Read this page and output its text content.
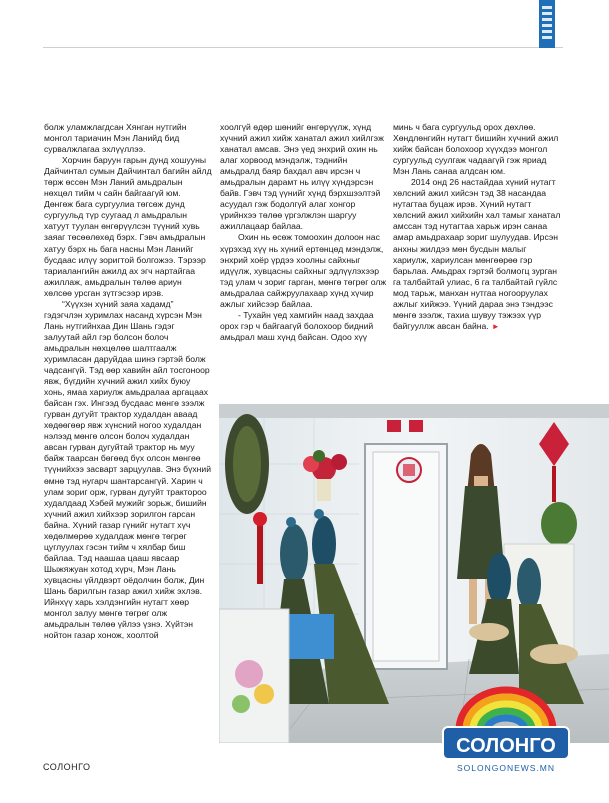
болж уламжлагдсан Хянган нутгийн монгол тариачин Мэн Ланийд бид сурвалжлагаа эхлүүллээ.

Хорчин баруун гарын дунд хошууны Дайчинтал сумын Дайчинтал багийн айлд төрж өссөн Мэн Ланий амьдралын нөхцөл тийм ч сайн байгаагүй юм. Дөнгөж бага сургуулиа төгсөж дунд сургуульд түр суугаад л амьдралын хатуут туулан өнгөрүүлсэн түүний хувь заяаг төсөөлөхөд бэрх. Гэвч амьдралын хатуу бэрх нь бага насны Мэн Ланийг бусдаас илүү зоригтой болгожээ. Тэрээр тариалангийн ажилд ах эгч нартайгаа ажиллаж, амьдралын төлөө ариун хөлсөө урсган зүтгэсээр ирэв.

“Хүүхэн хүний заяа хадамд” гэдэгчлэн хуримлах насанд хүрсэн Мэн Лань нутгийнхаа Дин Шань гэдэг залуутай айл гэр болсон болоч амьдралын нөхцөлөө шалтгаалж хуримласан даруйдаа шинэ гэртэй болж чадсангүй. Тэд өөр хавийн айл тосгоноор явж, бүгдийн хүчний ажил хийх буюу хонь, ямаа хариулж амьдралаа аргацаах байсан гэх. Ингээд бусдаас мөнгө зээлж гурван дугуйт трактор худалдан аваад хөдөөгөөр явж хүнсний ногоо худалдан нэлээд мөнгө олсон болоч худалдан авсан гурван дугуйтай трактор нь муу байж таарсан бөгөөд бүх олсон мөнгөө түүнийхээ засварт зарцуулав. Энэ бүхний өмнө тэд нугарч шантарсангүй. Харин ч улам зориг орж, гурван дугуйт трактороо худалдаад Хэбей мужийг зорьж, бишийн хүчний ажил хийхээр зорилгон гарсан байна. Хүний газар гүнийг нутагт хүч хөдөлмөрөө худалдаж мөнгө төгрөг цуглуулах гэсэн тийм ч хялбар биш байлаа. Тэд наашаа цааш явсаар Шыжяжуан хотод хүрч, Мэн Лань хувцасны үйлдвэрт оёдолчин болж, Дин Шань барилгын газар ажил хийж эхлэв. Ийнхүү харь хэлдэнгийн нутагт хөөр монгол залуу мөнгө төгрөг олж амьдралын төлөө үйлээ үзнэ. Хүйтэн нойтон газар хонож, хоолтой

хоолгүй өдөр шөнийг өнгөрүүлж, хүнд хүчний ажил хийж ханатал ажил хийлгэж ханатал амсав. Энэ үед энхрий охин нь алаг хорвоод мэндэлж, тэднийн амьдралд баяр бахдал авч ирсэн ч амьдралын дарамт нь илүү хүндэрсэн байв. Гэвч тэд үүнийг хүнд бэрхшээлтэй асуудал гэж бодолгүй алаг хонгор үрийнхээ төлөө үргэлжлэн шаргуу ажиллацаар байлаа.

Охин нь өсөж томоохин долоон нас хүрэхэд хүү нь хүний ертөнцөд мэндэлж, энхрий хоёр үрдээ хоолны сайхныг идүүлж, хувцасны сайхныг эдлүүлэхээр тэд улам ч зориг гарган, мөнгө төгрөг олж амьдралаа сайжруулахаар хүнд хүчир ажлыг хийсээр байлаа.

- Тухайн үед хамгийн наад захдаа орох гэр ч байгаагүй болохоор бидний амьдрал маш хүнд байсан. Одоо хүү

минь ч бага сургуульд орох дөхлөө. Хөндлөнгийн нутагт бишийн хүчний ажил хийж байсан болохоор хүүхдээ монгол сургуульд суулгаж чадаагүй гэж яриад Мэн Лань санаа алдсан юм.

2014 онд 26 настайдаа хүний нутагт хөлсний ажил хийсэн тэд 38 насандаа нутагтаа буцаж ирэв. Хүний нутагт хөлсний ажил хийхийн хал тамыг ханатал амссан тэд нутагтаа харьж ирэн санаа амар амьдрахаар зориг шулуудав. Ирсэн анхны жилдээ мөн бусдын малыг хариулж, хариулсан мөнгөөрөө гэр барьлаа. Амьдрах гэртэй болмогц зурган га талбайтай улиас, 6 га талбайтай гүйлс мод тарьж, манхан нутгаа ногооруулах ажлыг хийжээ. Үүний дараа энэ тэндээс мөнгө зээлж, тахиа шувуу тэжээх үүр байгууллж авсан байна. ►

СОЛОНГО
SOLONGONEWS.MN
СОЛОНГО
